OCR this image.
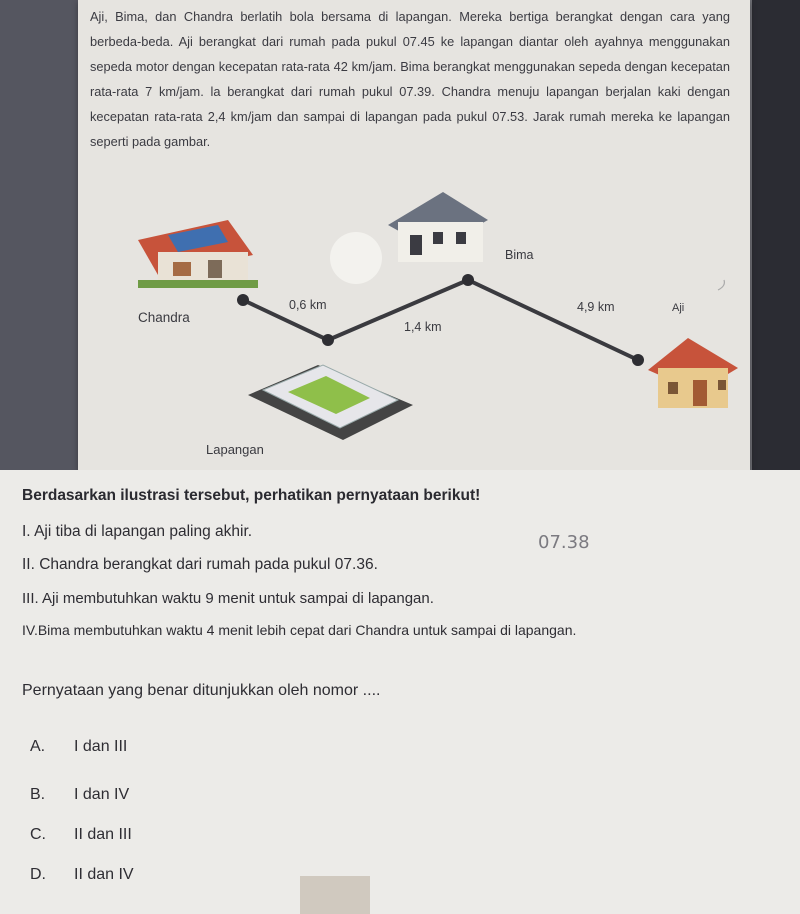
Aji, Bima, dan Chandra berlatih bola bersama di lapangan. Mereka bertiga berangkat dengan cara yang berbeda-beda. Aji berangkat dari rumah pada pukul 07.45 ke lapangan diantar oleh ayahnya menggunakan sepeda motor dengan kecepatan rata-rata 42 km/jam. Bima berangkat menggunakan sepeda dengan kecepatan rata-rata 7 km/jam. la berangkat dari rumah pukul 07.39. Chandra menuju lapangan berjalan kaki dengan kecepatan rata-rata 2,4 km/jam dan sampai di lapangan pada pukul 07.53. Jarak rumah mereka ke lapangan seperti pada gambar.
Bima
Chandra
Aji
Lapangan
0,6 km
1,4 km
4,9 km
Berdasarkan ilustrasi tersebut, perhatikan pernyataan berikut!
I. Aji tiba di lapangan paling akhir.
II. Chandra berangkat dari rumah pada pukul 07.36.
III. Aji membutuhkan waktu 9 menit untuk sampai di lapangan.
IV.Bima membutuhkan waktu 4 menit lebih cepat dari Chandra untuk sampai di lapangan.
Pernyataan yang benar ditunjukkan oleh nomor ....
A. I dan III
B. I dan IV
C. II dan III
D. II dan IV
07.38
